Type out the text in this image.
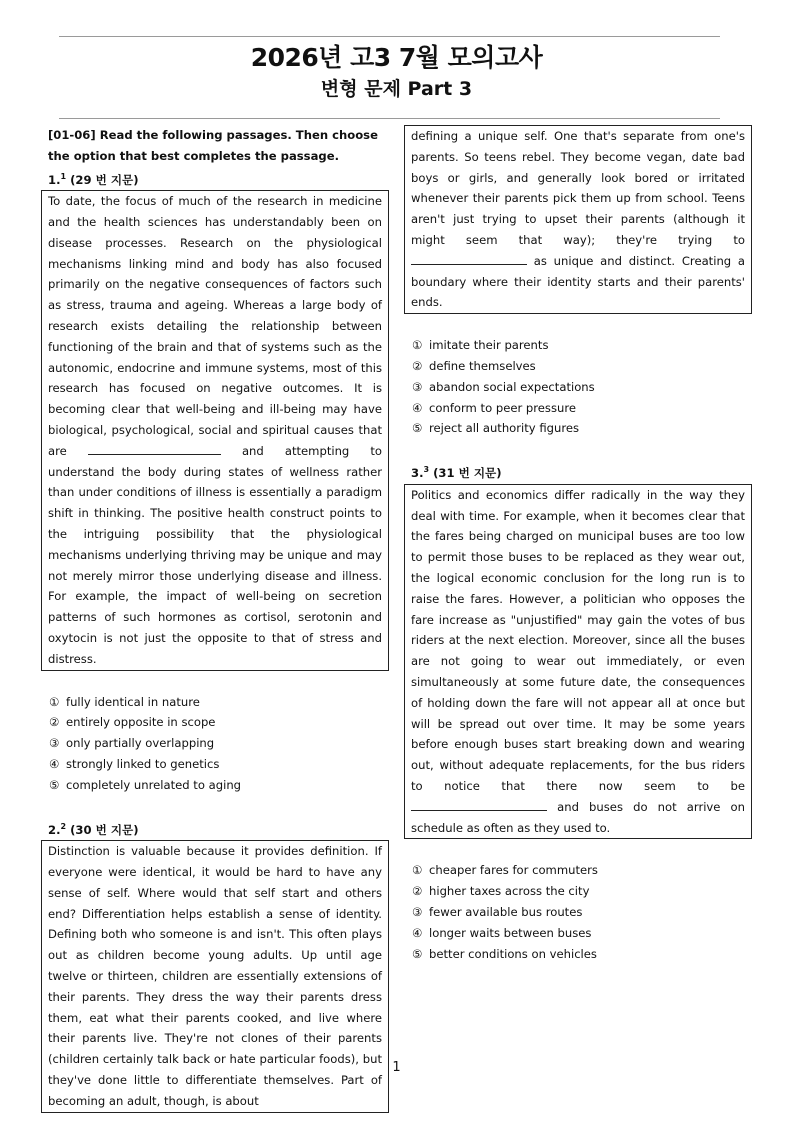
2026년 고3 7월 모의고사
변형 문제 Part 3
[01-06] Read the following passages. Then choose the option that best completes the passage.
1.$^1$ (29 번 지문)

To date, the focus of much of the research in medicine and the health sciences has understandably been on disease processes. Research on the physiological mechanisms linking mind and body has also focused primarily on the negative consequences of factors such as stress, trauma and ageing. Whereas a large body of research exists detailing the relationship between functioning of the brain and that of systems such as the autonomic, endocrine and immune systems, most of this research has focused on negative outcomes. It is becoming clear that well-being and ill-being may have biological, psychological, social and spiritual causes that are	and attempting to understand the body during states of wellness rather than under conditions of illness is essentially a paradigm shift in thinking. The positive health construct points to the intriguing possibility that the physiological mechanisms underlying thriving may be unique and may not merely mirror those underlying disease and illness. For example, the impact of well-being on secretion patterns of such hormones as cortisol, serotonin and oxytocin is not just the opposite to that of stress and distress.

① fully identical in nature
② entirely opposite in scope
③ only partially overlapping
④ strongly linked to genetics
⑤ completely unrelated to aging
2.$^2$ (30 번 지문)

Distinction is valuable because it provides definition. If everyone were identical, it would be hard to have any sense of self. Where would that self start and others end? Differentiation helps establish a sense of identity. Defining both who someone is and isn't. This often plays out as children become young adults. Up until age twelve or thirteen, children are essentially extensions of their parents. They dress the way their parents dress them, eat what their parents cooked, and live where their parents live. They're not clones of their parents (children certainly talk back or hate particular foods), but they've done little to differentiate themselves. Part of becoming an adult, though, is about

defining a unique self. One that's separate from one's parents. So teens rebel. They become vegan, date bad boys or girls, and generally look bored or irritated whenever their parents pick them up from school. Teens aren't just trying to upset their parents (although it might seem that way); they're trying to  as unique and distinct. Creating a boundary where their identity starts and their parents' ends.

① imitate their parents
② define themselves
③ abandon social expectations
④ conform to peer pressure
⑤ reject all authority figures
3.$^3$ (31 번 지문)

Politics and economics differ radically in the way they deal with time. For example, when it becomes clear that the fares being charged on municipal buses are too low to permit those buses to be replaced as they wear out, the logical economic conclusion for the long run is to raise the fares. However, a politician who opposes the fare increase as "unjustified" may gain the votes of bus riders at the next election. Moreover, since all the buses are not going to wear out immediately, or even simultaneously at some future date, the consequences of holding down the fare will not appear all at once but will be spread out over time. It may be some years before enough buses start breaking down and wearing out, without adequate replacements, for the bus riders to notice that there now seem to be  and buses do not arrive on schedule as often as they used to.

① cheaper fares for commuters
② higher taxes across the city
③ fewer available bus routes
④ longer waits between buses
⑤ better conditions on vehicles
1
